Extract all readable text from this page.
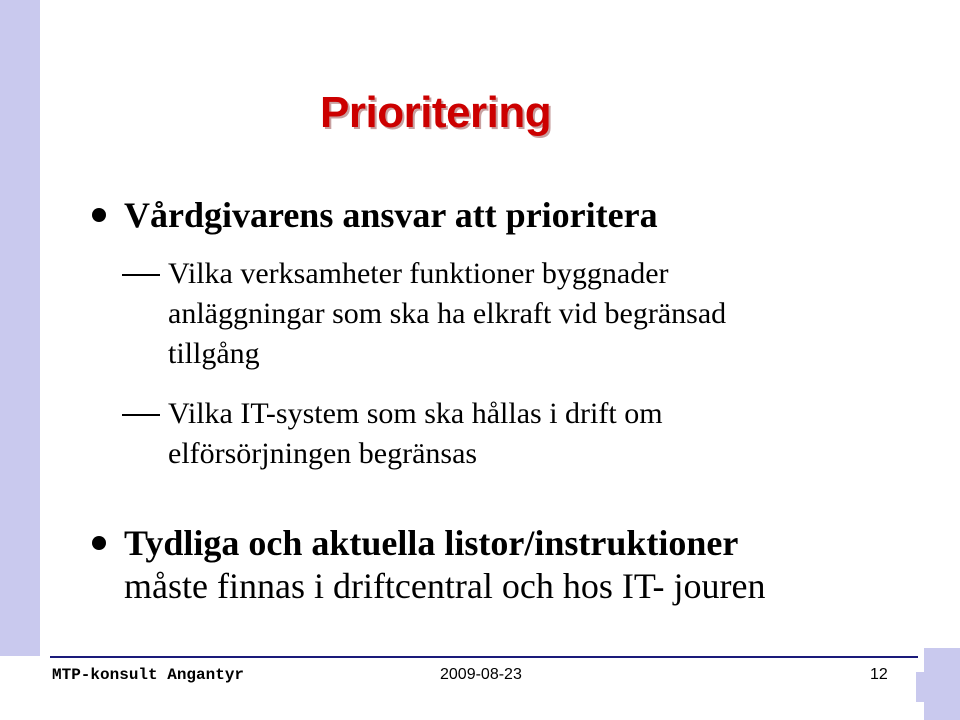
Prioritering
Vårdgivarens ansvar att prioritera
Vilka verksamheter funktioner byggnader
anläggningar som ska ha elkraft vid begränsad
tillgång
Vilka IT-system som ska hållas i drift om
elförsörjningen begränsas
Tydliga och aktuella listor/instruktioner
måste finnas i driftcentral och hos IT- jouren
MTP-konsult Angantyr	2009-08-23	12
